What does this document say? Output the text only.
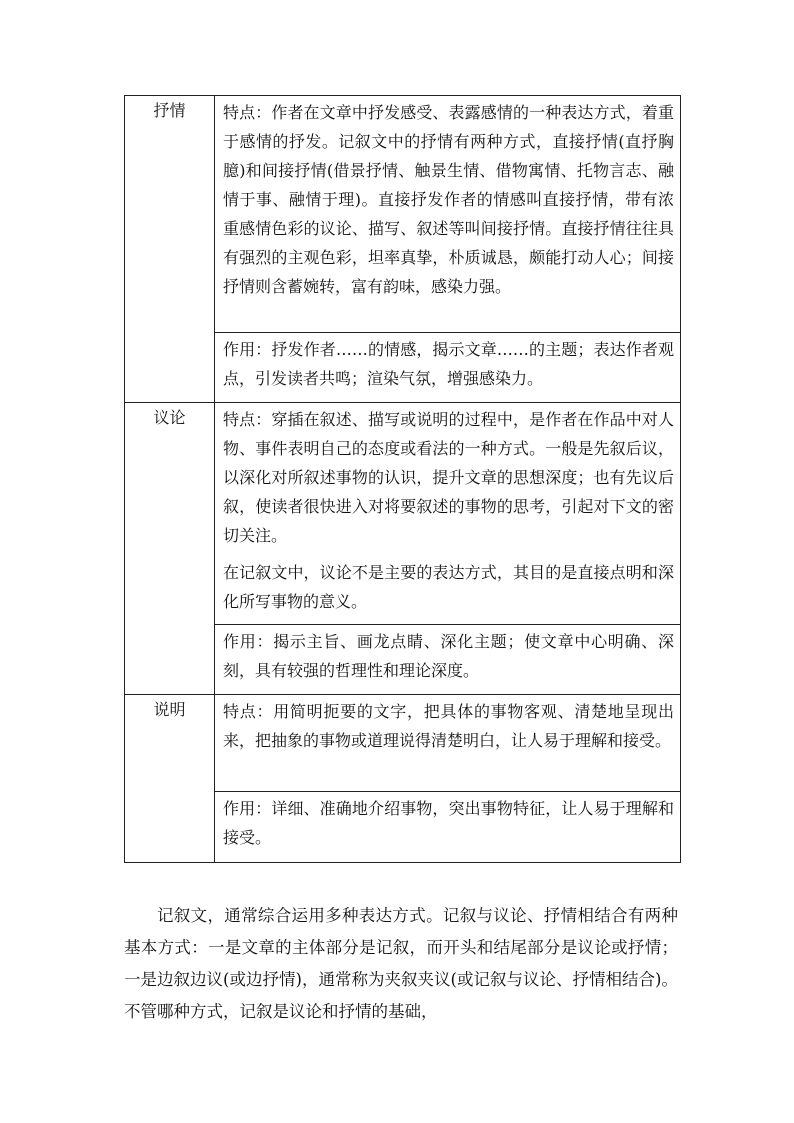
抒情	特点：作者在文章中抒发感受、表露感情的一种表达方式，着重于感情的抒发。记叙文中的抒情有两种方式，直接抒情(直抒胸臆)和间接抒情(借景抒情、触景生情、借物寓情、托物言志、融情于事、融情于理)。直接抒发作者的情感叫直接抒情，带有浓重感情色彩的议论、描写、叙述等叫间接抒情。直接抒情往往具有强烈的主观色彩，坦率真挚，朴质诚恳，颇能打动人心；间接抒情则含蓄婉转，富有韵味，感染力强。

	作用：抒发作者……的情感，揭示文章……的主题；表达作者观点，引发读者共鸣；渲染气氛，增强感染力。

议论	特点：穿插在叙述、描写或说明的过程中，是作者在作品中对人物、事件表明自己的态度或看法的一种方式。一般是先叙后议，以深化对所叙述事物的认识，提升文章的思想深度；也有先议后叙，使读者很快进入对将要叙述的事物的思考，引起对下文的密切关注。

在记叙文中，议论不是主要的表达方式，其目的是直接点明和深化所写事物的意义。

	作用：揭示主旨、画龙点睛、深化主题；使文章中心明确、深刻，具有较强的哲理性和理论深度。

说明	特点：用简明扼要的文字，把具体的事物客观、清楚地呈现出来，把抽象的事物或道理说得清楚明白，让人易于理解和接受。

	作用：详细、准确地介绍事物，突出事物特征，让人易于理解和接受。

记叙文，通常综合运用多种表达方式。记叙与议论、抒情相结合有两种基本方式：一是文章的主体部分是记叙，而开头和结尾部分是议论或抒情；一是边叙边议(或边抒情)，通常称为夹叙夹议(或记叙与议论、抒情相结合)。不管哪种方式，记叙是议论和抒情的基础，
